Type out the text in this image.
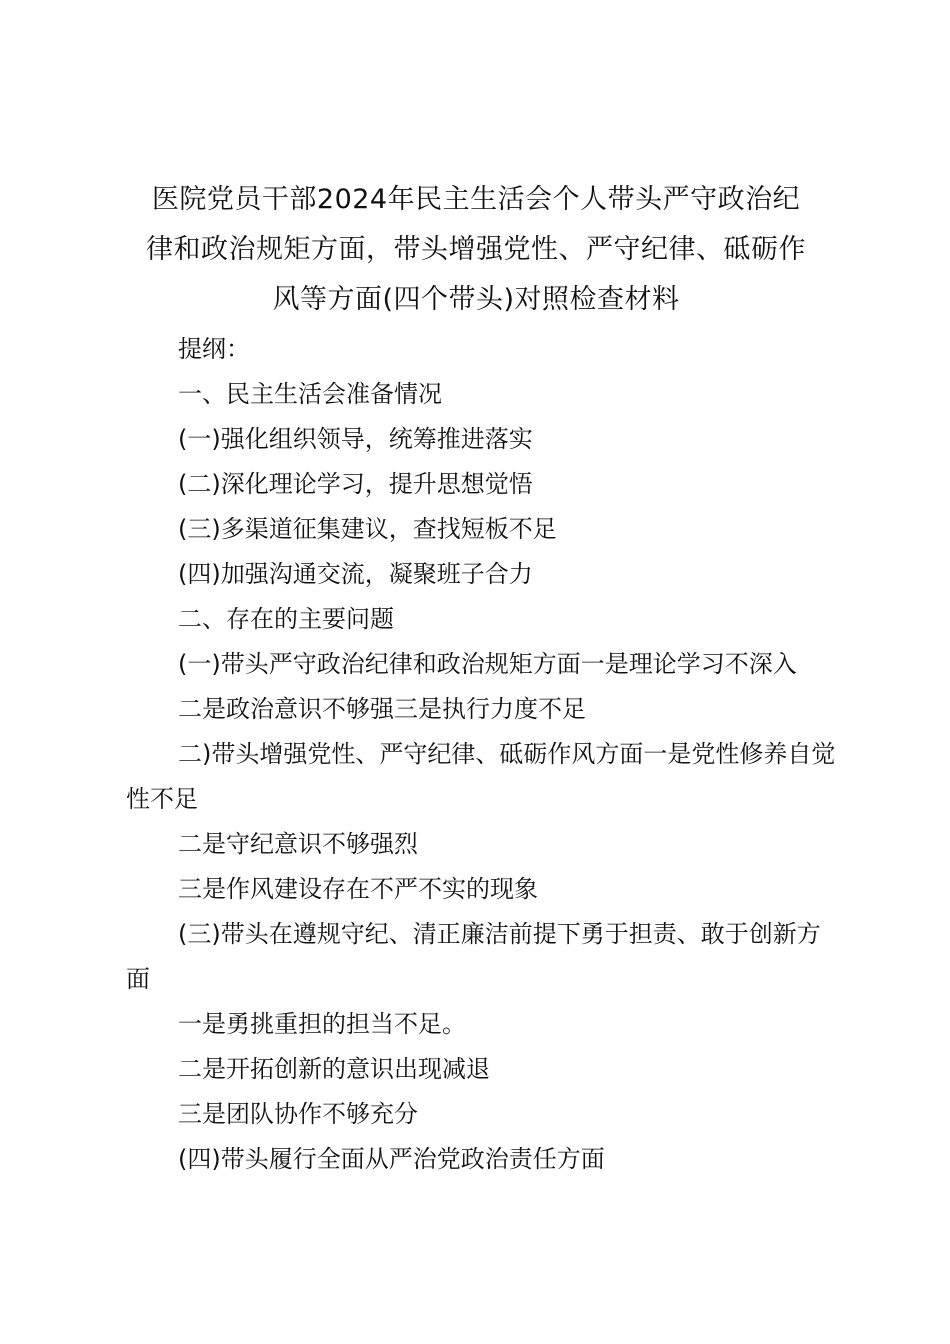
医院党员干部2024年民主生活会个人带头严守政治纪
律和政治规矩方面，带头增强党性、严守纪律、砥砺作
风等方面(四个带头)对照检查材料

提纲：

一、民主生活会准备情况

(一)强化组织领导，统筹推进落实

(二)深化理论学习，提升思想觉悟

(三)多渠道征集建议，查找短板不足

(四)加强沟通交流，凝聚班子合力

二、存在的主要问题

(一)带头严守政治纪律和政治规矩方面一是理论学习不深入

二是政治意识不够强三是执行力度不足

二)带头增强党性、严守纪律、砥砺作风方面一是党性修养自觉性不足

二是守纪意识不够强烈

三是作风建设存在不严不实的现象

(三)带头在遵规守纪、清正廉洁前提下勇于担责、敢于创新方面

一是勇挑重担的担当不足。

二是开拓创新的意识出现减退

三是团队协作不够充分

(四)带头履行全面从严治党政治责任方面
